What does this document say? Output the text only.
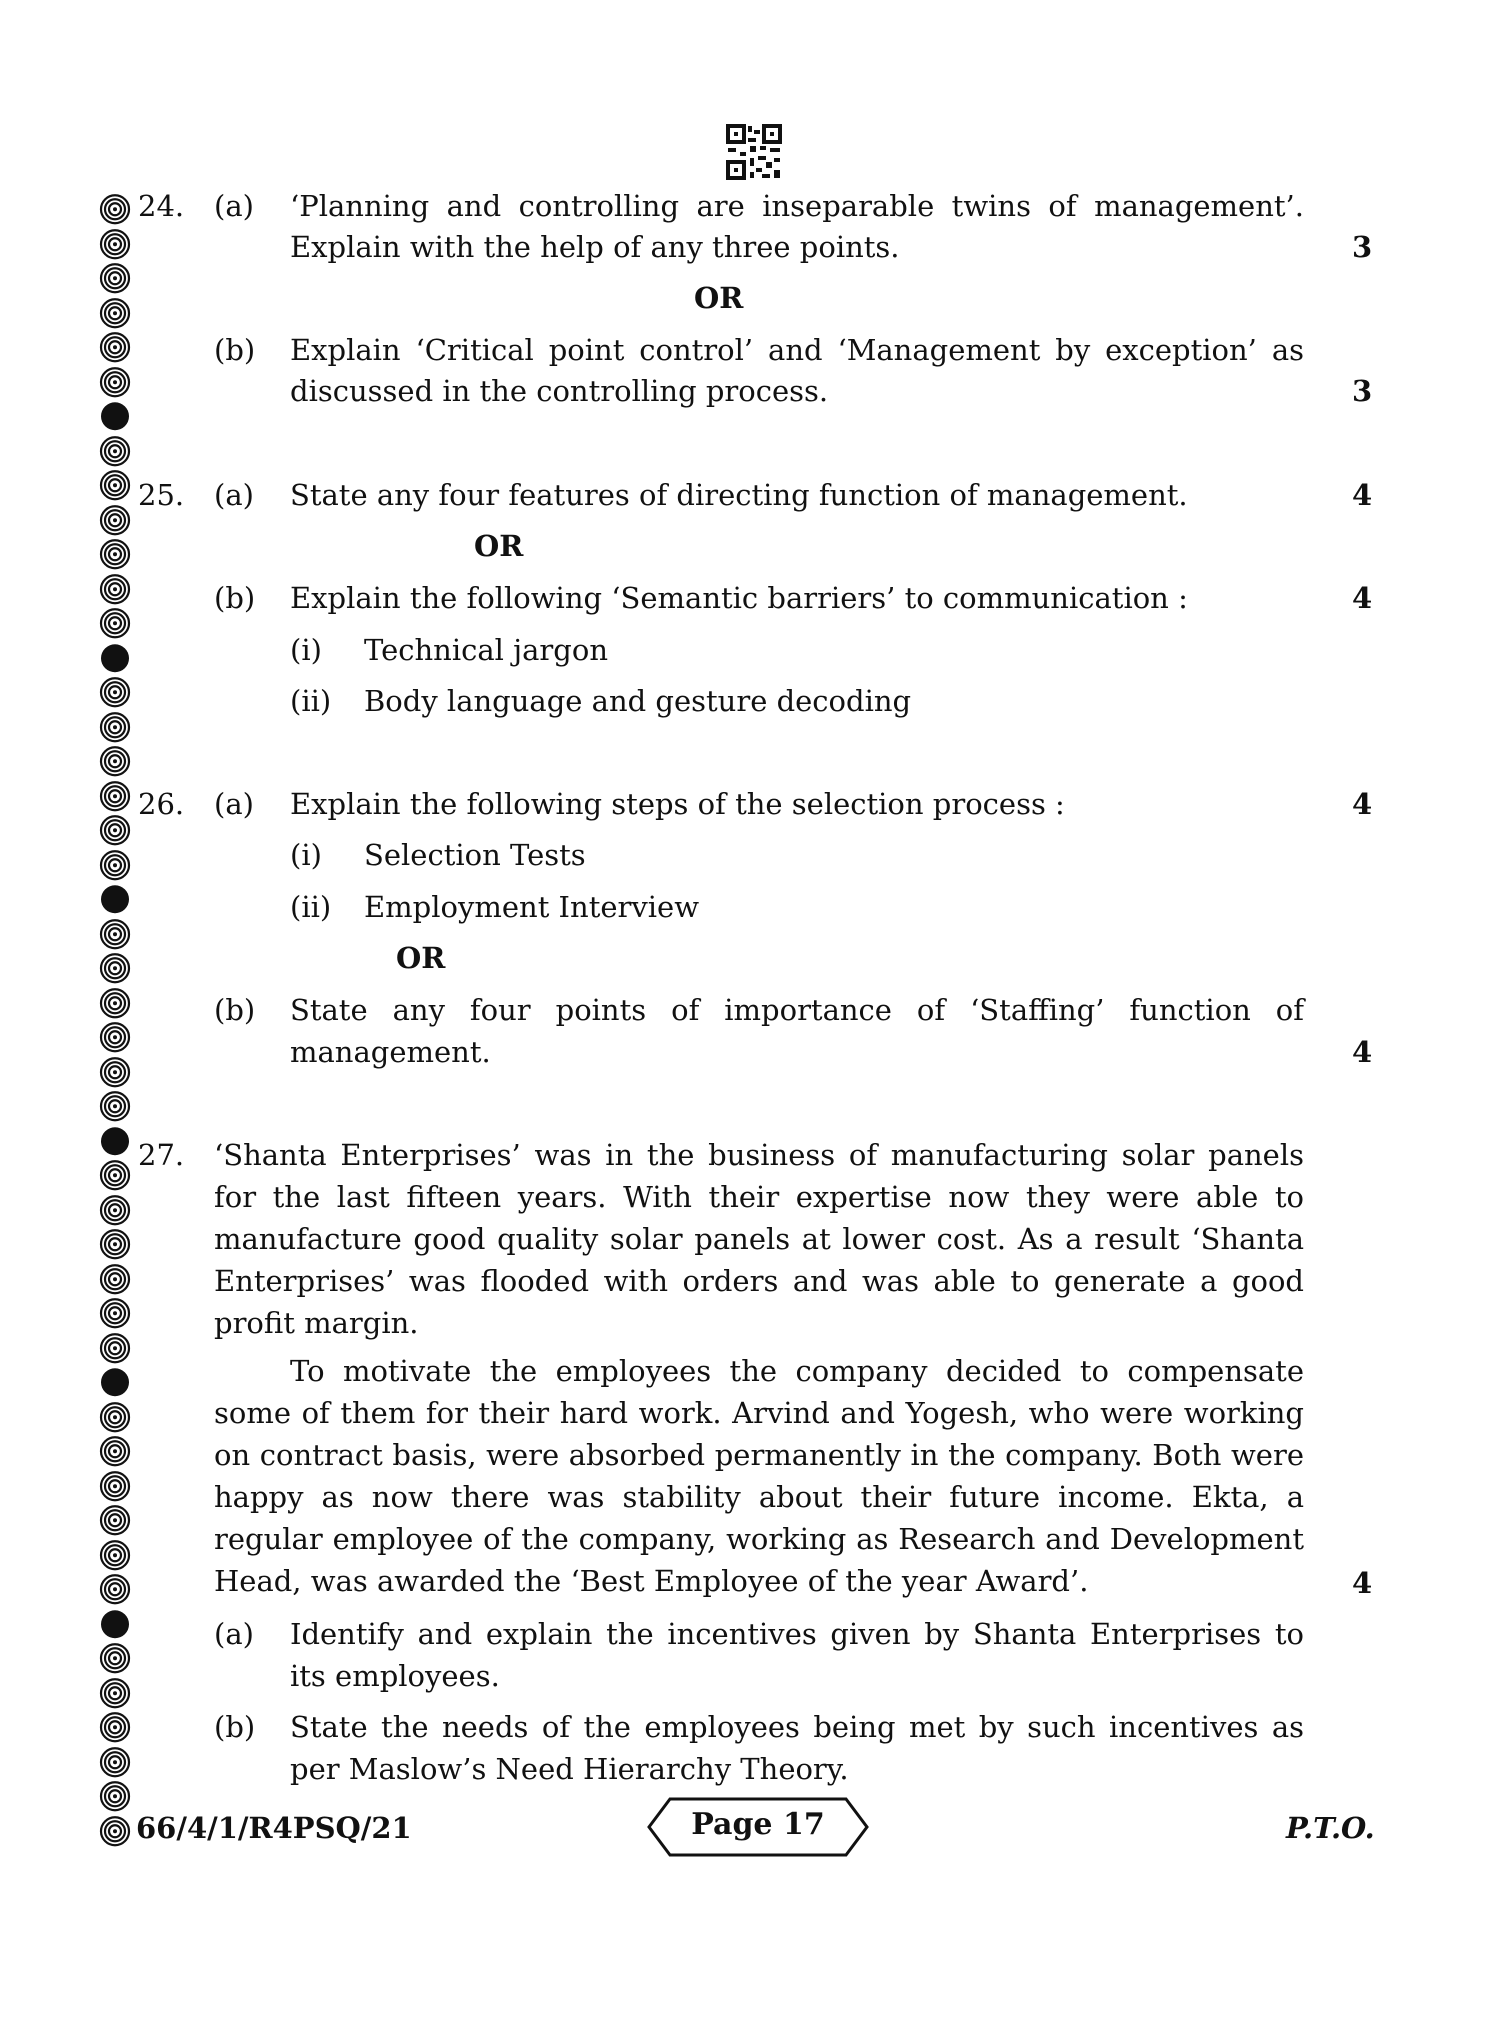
24. (a) ‘Planning and controlling are inseparable twins of management’.
Explain with the help of any three points.	3
OR
(b) Explain ‘Critical point control’ and ‘Management by exception’ as
discussed in the controlling process.	3
25. (a) State any four features of directing function of management.	4
OR
(b) Explain the following ‘Semantic barriers’ to communication :	4
(i) Technical jargon
(ii) Body language and gesture decoding
26. (a) Explain the following steps of the selection process :	4
(i) Selection Tests
(ii) Employment Interview
OR
(b) State any four points of importance of ‘Staffing’ function of
management.	4
27. ‘Shanta Enterprises’ was in the business of manufacturing solar panels for the last fifteen years. With their expertise now they were able to manufacture good quality solar panels at lower cost. As a result ‘Shanta Enterprises’ was flooded with orders and was able to generate a good profit margin.
To motivate the employees the company decided to compensate some of them for their hard work. Arvind and Yogesh, who were working on contract basis, were absorbed permanently in the company. Both were happy as now there was stability about their future income. Ekta, a regular employee of the company, working as Research and Development Head, was awarded the ‘Best Employee of the year Award’.	4
(a) Identify and explain the incentives given by Shanta Enterprises to its employees.
(b) State the needs of the employees being met by such incentives as per Maslow’s Need Hierarchy Theory.
66/4/1/R4PSQ/21	Page 17	P.T.O.
